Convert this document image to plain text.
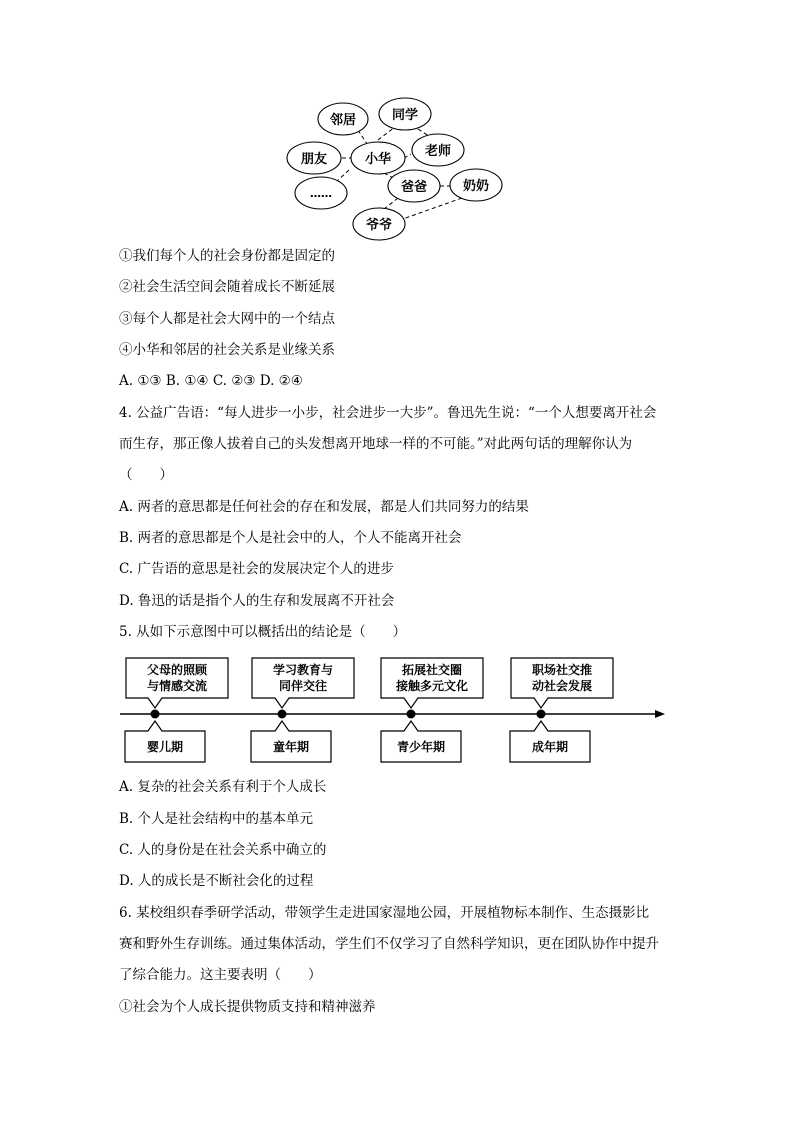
邻居	同学
朋友	小华
老师
……	爸爸	奶奶
爷爷
①我们每个人的社会身份都是固定的
②社会生活空间会随着成长不断延展
③每个人都是社会大网中的一个结点
④小华和邻居的社会关系是业缘关系
A. ①③ B. ①④ C. ②③ D. ②④
4. 公益广告语：“每人进步一小步，社会进步一大步”。鲁迅先生说：“一个人想要离开社会
而生存，那正像人拔着自己的头发想离开地球一样的不可能。”对此两句话的理解你认为
（　　）
A. 两者的意思都是任何社会的存在和发展，都是人们共同努力的结果
B. 两者的意思都是个人是社会中的人，个人不能离开社会
C. 广告语的意思是社会的发展决定个人的进步
D. 鲁迅的话是指个人的生存和发展离不开社会
5. 从如下示意图中可以概括出的结论是（　　）
父母的照顾
与情感交流
学习教育与
同伴交往
拓展社交圈
接触多元文化
职场社交推
动社会发展
婴儿期	童年期	青少年期	成年期
A. 复杂的社会关系有利于个人成长
B. 个人是社会结构中的基本单元
C. 人的身份是在社会关系中确立的
D. 人的成长是不断社会化的过程
6. 某校组织春季研学活动，带领学生走进国家湿地公园，开展植物标本制作、生态摄影比
赛和野外生存训练。通过集体活动，学生们不仅学习了自然科学知识，更在团队协作中提升
了综合能力。这主要表明（　　）
①社会为个人成长提供物质支持和精神滋养
